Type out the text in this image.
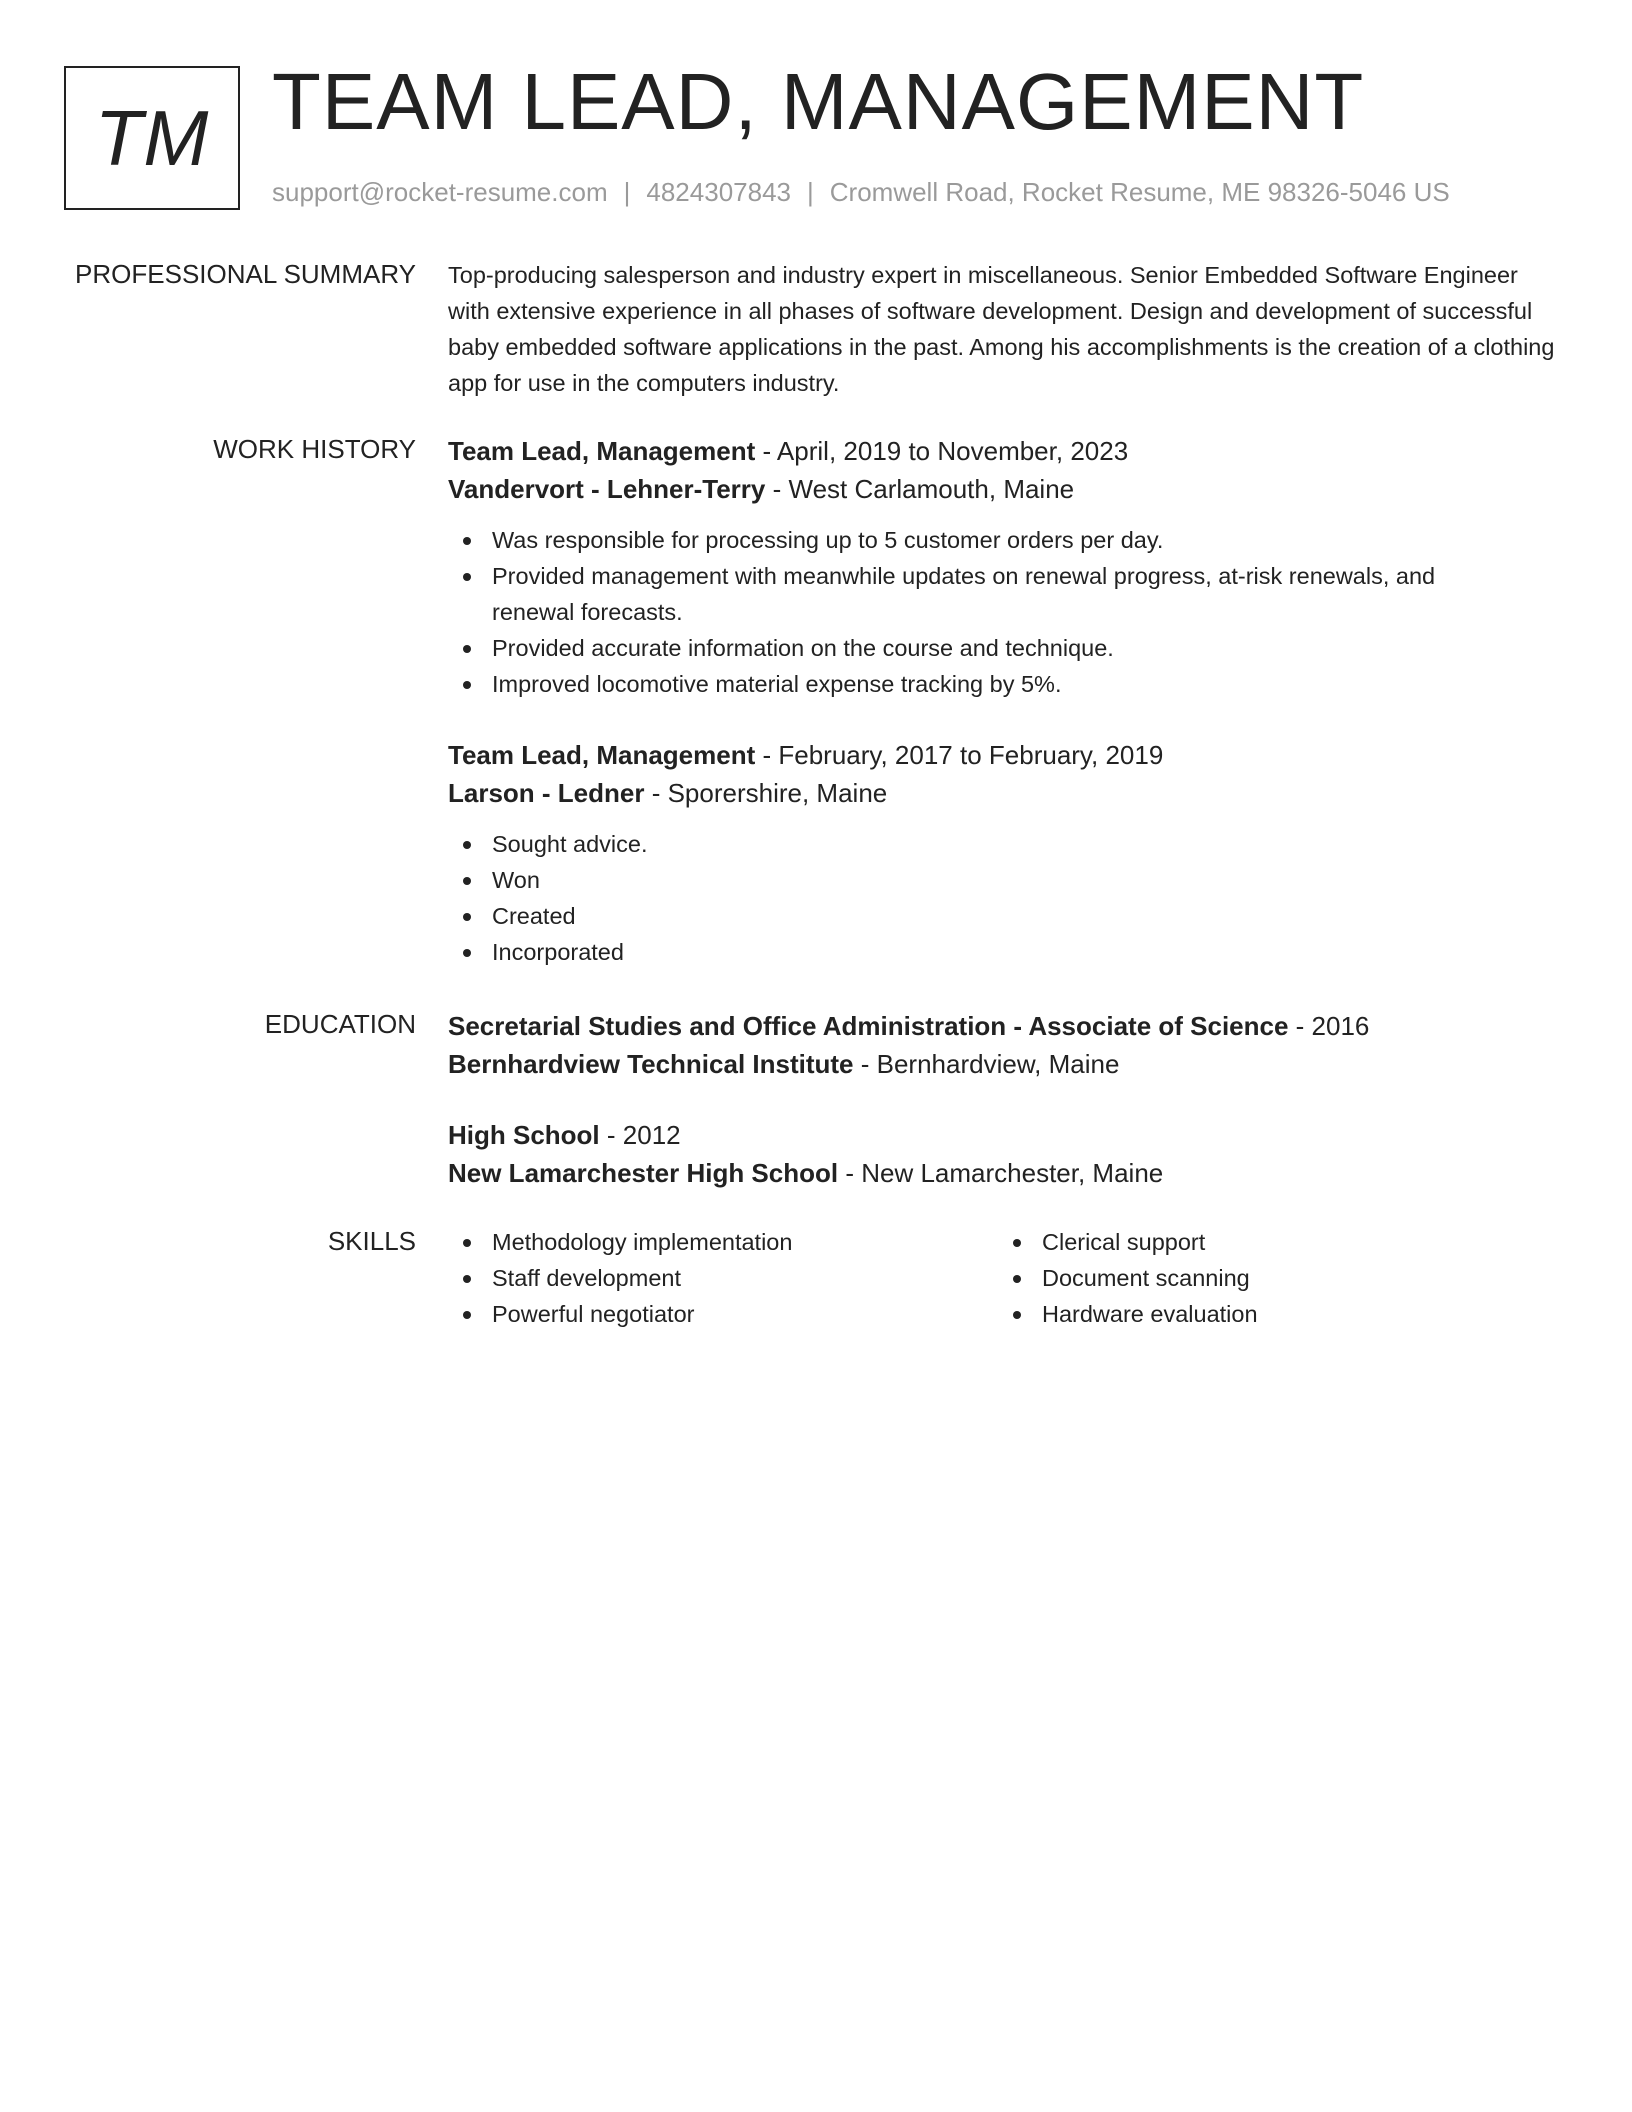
TM TEAM LEAD, MANAGEMENT
support@rocket-resume.com | 4824307843 | Cromwell Road, Rocket Resume, ME 98326-5046 US
PROFESSIONAL SUMMARY Top-producing salesperson and industry expert in miscellaneous. Senior Embedded Software Engineer with extensive experience in all phases of software development. Design and development of successful baby embedded software applications in the past. Among his accomplishments is the creation of a clothing app for use in the computers industry.

WORK HISTORY Team Lead, Management - April, 2019 to November, 2023
Vandervort - Lehner-Terry - West Carlamouth, Maine
Was responsible for processing up to 5 customer orders per day.
Provided management with meanwhile updates on renewal progress, at-risk renewals, and renewal forecasts.
Provided accurate information on the course and technique.
Improved locomotive material expense tracking by 5%.
Team Lead, Management - February, 2017 to February, 2019
Larson - Ledner - Sporershire, Maine
Sought advice.
Won
Created
Incorporated
EDUCATION Secretarial Studies and Office Administration - Associate of Science - 2016
Bernhardview Technical Institute - Bernhardview, Maine
High School - 2012
New Lamarchester High School - New Lamarchester, Maine
SKILLS	Methodology implementation
Staff development
Powerful negotiator
Clerical support
Document scanning
Hardware evaluation
